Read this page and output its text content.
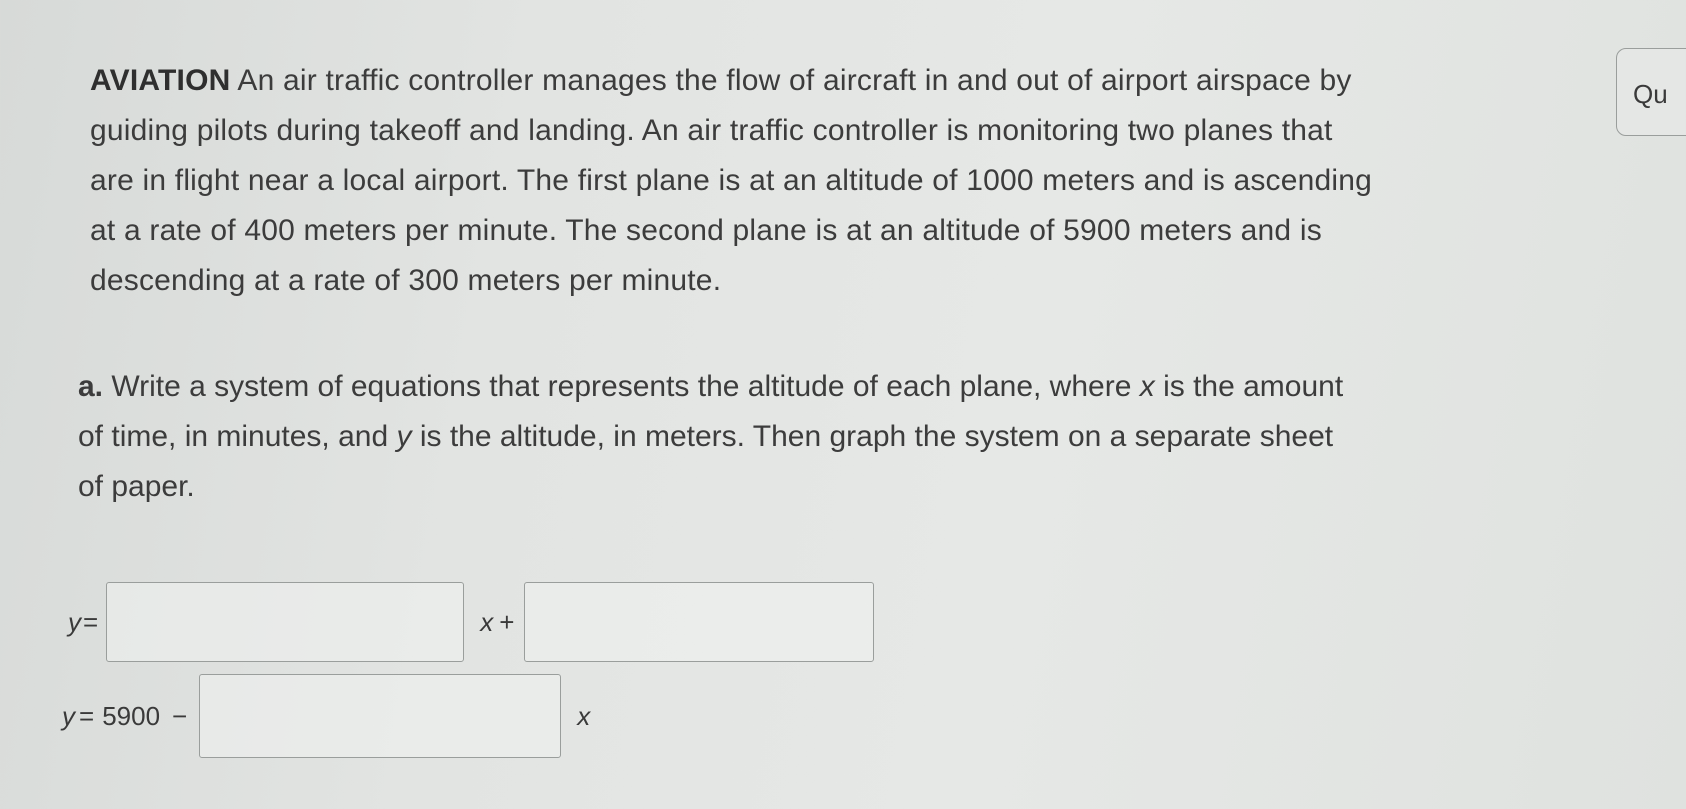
AVIATION An air traffic controller manages the flow of aircraft in and out of airport airspace by

guiding pilots during takeoff and landing. An air traffic controller is monitoring two planes that

are in flight near a local airport. The first plane is at an altitude of 1000 meters and is ascending

at a rate of 400 meters per minute. The second plane is at an altitude of 5900 meters and is

descending at a rate of 300 meters per minute.

a. Write a system of equations that represents the altitude of each plane, where x is the amount

of time, in minutes, and y is the altitude, in meters. Then graph the system on a separate sheet

of paper.

y =	x +
y = 5900 −	x
Qu
